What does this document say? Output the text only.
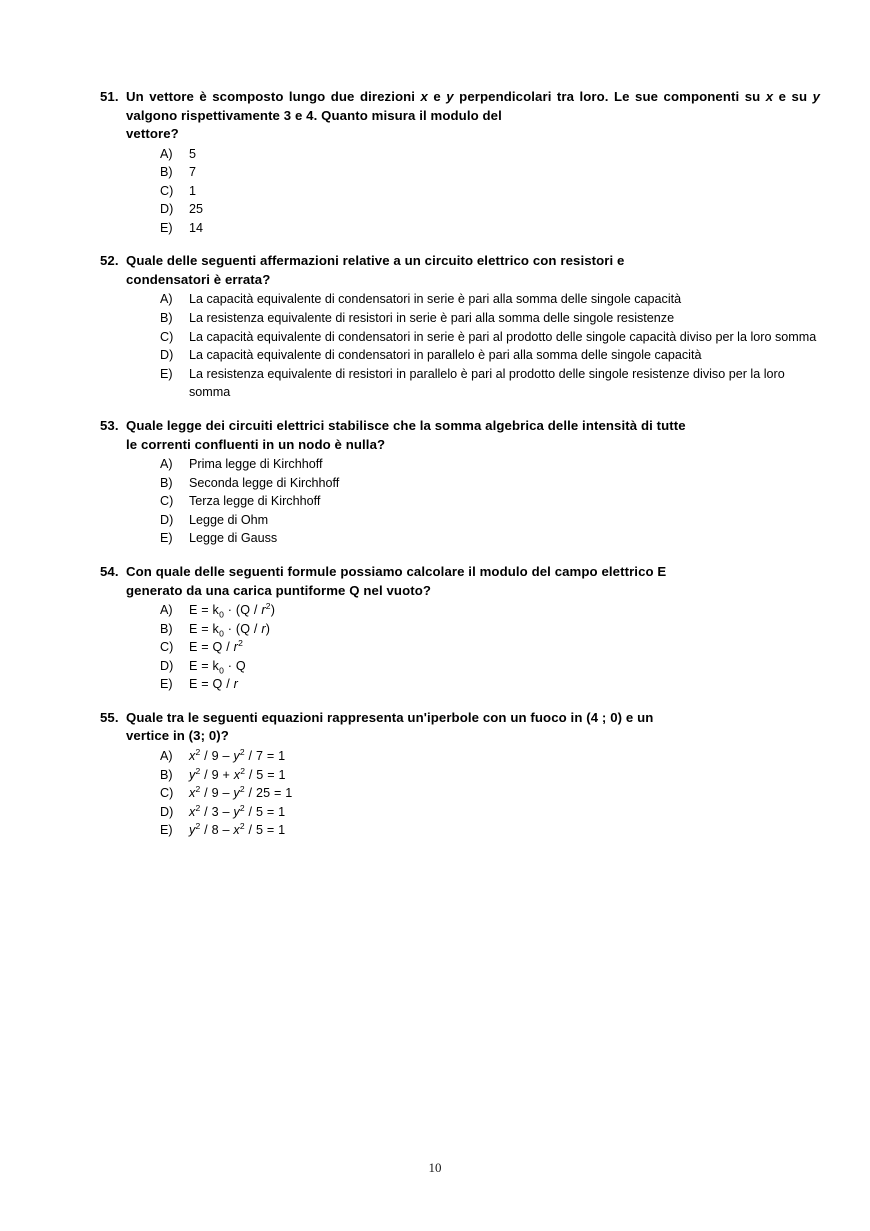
51. Un vettore è scomposto lungo due direzioni x e y perpendicolari tra loro. Le sue componenti su x e su y valgono rispettivamente 3 e 4. Quanto misura il modulo del
vettore?
A)	5
B)	7
C)	1
D)	25
E)	14
52. Quale delle seguenti affermazioni relative a un circuito elettrico con resistori e
condensatori è errata?
A)	La capacità equivalente di condensatori in serie è pari alla somma delle singole capacità
B)	La resistenza equivalente di resistori in serie è pari alla somma delle singole resistenze
C)	La capacità equivalente di condensatori in serie è pari al prodotto delle singole capacità diviso per la loro somma
D)	La capacità equivalente di condensatori in parallelo è pari alla somma delle singole capacità
E)	La resistenza equivalente di resistori in parallelo è pari al prodotto delle singole resistenze diviso per la loro somma
53. Quale legge dei circuiti elettrici stabilisce che la somma algebrica delle intensità di tutte
le correnti confluenti in un nodo è nulla?
A)	Prima legge di Kirchhoff
B)	Seconda legge di Kirchhoff
C)	Terza legge di Kirchhoff
D)	Legge di Ohm
E)	Legge di Gauss
54. Con quale delle seguenti formule possiamo calcolare il modulo del campo elettrico E
generato da una carica puntiforme Q nel vuoto?
A)	$E = k_0 \cdot (Q / r^2)$
B)	$E = k_0 \cdot (Q / r)$
C)	$E = Q / r^2$
D)	$E = k_0 \cdot Q$
E)	E = Q / r
55. Quale tra le seguenti equazioni rappresenta un'iperbole con un fuoco in (4 ; 0) e un
vertice in (3; 0)?
A)	$x^2 / 9 - y^2 / 7 = 1$
B)	$y^2 / 9 + x^2 / 5 = 1$
C)	$x^2 / 9 - y^2 / 25 = 1$
D)	$x^2 / 3 - y^2 / 5 = 1$
E)	$y^2 / 8 - x^2 / 5 = 1$
10
